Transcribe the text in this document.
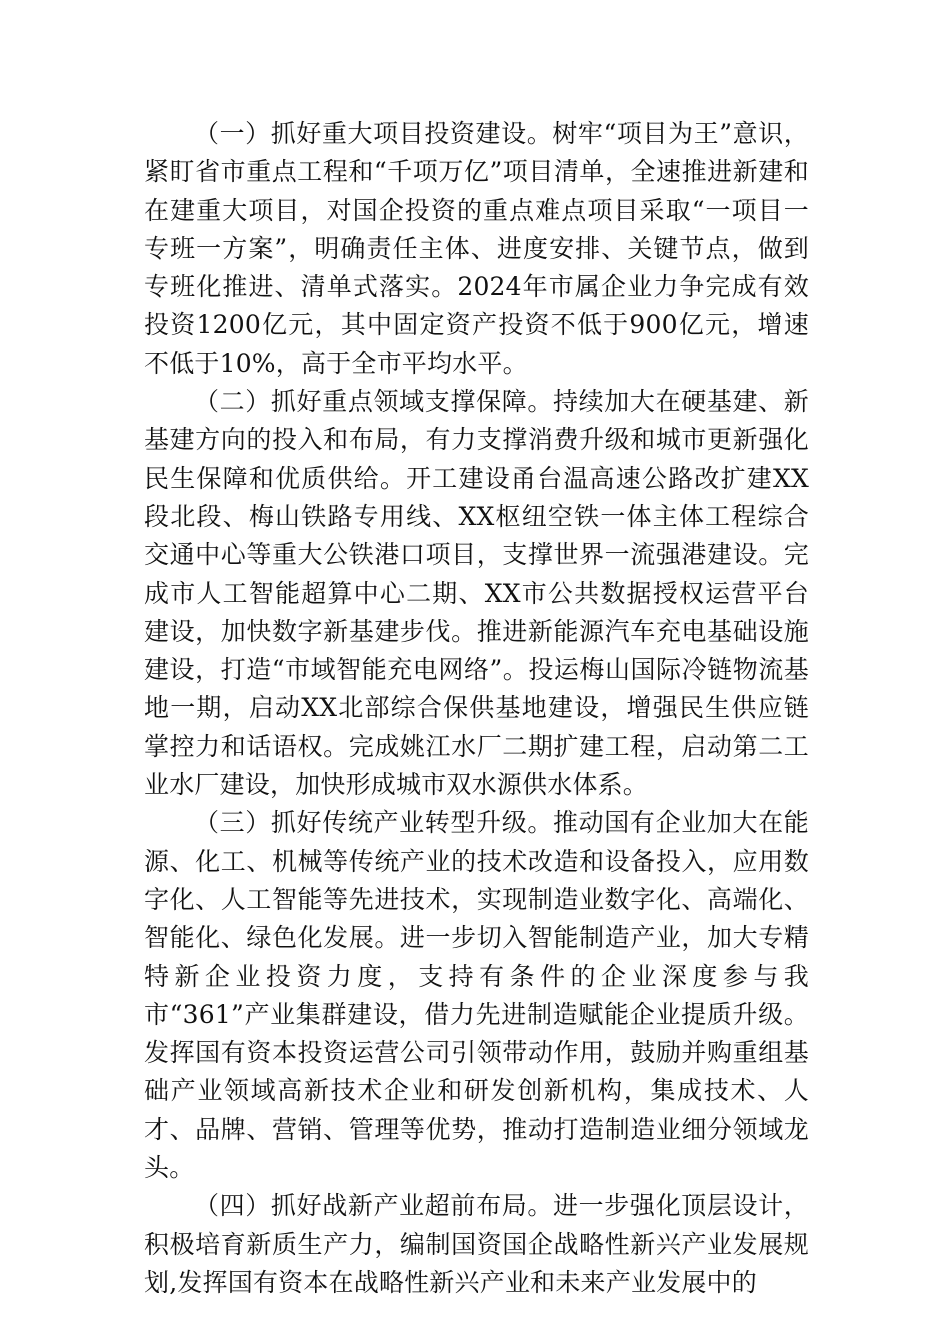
（一）抓好重大项目投资建设。树牢“项目为王”意识，紧盯省市重点工程和“千项万亿”项目清单，全速推进新建和在建重大项目，对国企投资的重点难点项目采取“一项目一专班一方案”，明确责任主体、进度安排、关键节点，做到专班化推进、清单式落实。2024年市属企业力争完成有效投资1200亿元，其中固定资产投资不低于900亿元，增速不低于10%，高于全市平均水平。

（二）抓好重点领域支撑保障。持续加大在硬基建、新基建方向的投入和布局，有力支撑消费升级和城市更新强化民生保障和优质供给。开工建设甬台温高速公路改扩建XX段北段、梅山铁路专用线、XX枢纽空铁一体主体工程综合交通中心等重大公铁港口项目，支撑世界一流强港建设。完成市人工智能超算中心二期、XX市公共数据授权运营平台建设，加快数字新基建步伐。推进新能源汽车充电基础设施建设，打造“市域智能充电网络”。投运梅山国际冷链物流基地一期，启动XX北部综合保供基地建设，增强民生供应链掌控力和话语权。完成姚江水厂二期扩建工程，启动第二工业水厂建设，加快形成城市双水源供水体系。

（三）抓好传统产业转型升级。推动国有企业加大在能源、化工、机械等传统产业的技术改造和设备投入，应用数字化、人工智能等先进技术，实现制造业数字化、高端化、智能化、绿色化发展。进一步切入智能制造产业，加大专精特新企业投资力度，支持有条件的企业深度参与我市“361”产业集群建设，借力先进制造赋能企业提质升级。发挥国有资本投资运营公司引领带动作用，鼓励并购重组基础产业领域高新技术企业和研发创新机构，集成技术、人才、品牌、营销、管理等优势，推动打造制造业细分领域龙头。

（四）抓好战新产业超前布局。进一步强化顶层设计，积极培育新质生产力，编制国资国企战略性新兴产业发展规划,发挥国有资本在战略性新兴产业和未来产业发展中的
